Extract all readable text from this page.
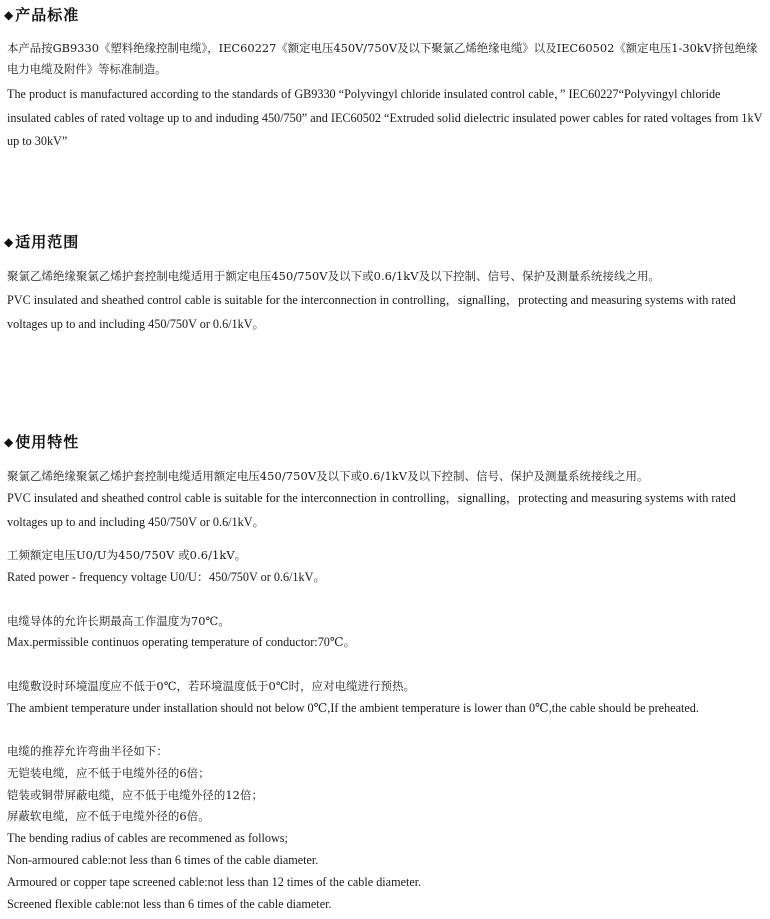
◆产品标准
本产品按GB9330《塑料绝缘控制电缆》，IEC60227《额定电压450V/750V及以下聚氯乙烯绝缘电缆》以及IEC60502《额定电压1-30kV挤包绝缘电力电缆及附件》等标准制造。
The product is manufactured according to the standards of GB9330 “Polyvingyl chloride insulated control cable，” IEC60227“Polyvingyl chloride insulated cables of rated voltage up to and induding 450/750” and IEC60502 “Extruded solid dielectric insulated power cables for rated voltages from 1kV up to 30kV”
◆适用范围
聚氯乙烯绝缘聚氯乙烯护套控制电缆适用于额定电压450/750V及以下或0.6/1kV及以下控制、信号、保护及测量系统接线之用。
PVC insulated and sheathed control cable is suitable for the interconnection in controlling，signalling，protecting and measuring systems with rated voltages up to and including 450/750V or 0.6/1kV。
◆使用特性
聚氯乙烯绝缘聚氯乙烯护套控制电缆适用额定电压450/750V及以下或0.6/1kV及以下控制、信号、保护及测量系统接线之用。
PVC insulated and sheathed control cable is suitable for the interconnection in controlling，signalling，protecting and measuring systems with rated voltages up to and including 450/750V or 0.6/1kV。
工频额定电压U0/U为450/750V 或0.6/1kV。
Rated power - frequency voltage U0/U：450/750V or 0.6/1kV。
电缆导体的允许长期最高工作温度为70℃。
Max.permissible continuos operating temperature of conductor:70℃。
电缆敷设时环境温度应不低于0℃，若环境温度低于0℃时，应对电缆进行预热。
The ambient temperature under installation should not below 0℃,If the ambient temperature is lower than 0℃,the cable should be preheated.
电缆的推荐允许弯曲半径如下：
无铠装电缆，应不低于电缆外径的6倍；
铠装或铜带屏蔽电缆，应不低于电缆外径的12倍；
屏蔽软电缆，应不低于电缆外径的6倍。
The bending radius of cables are recommened as follows;
Non-armoured cable:not less than 6 times of the cable diameter.
Armoured or copper tape screened cable:not less than 12 times of the cable diameter.
Screened flexible cable:not less than 6 times of the cable diameter.
